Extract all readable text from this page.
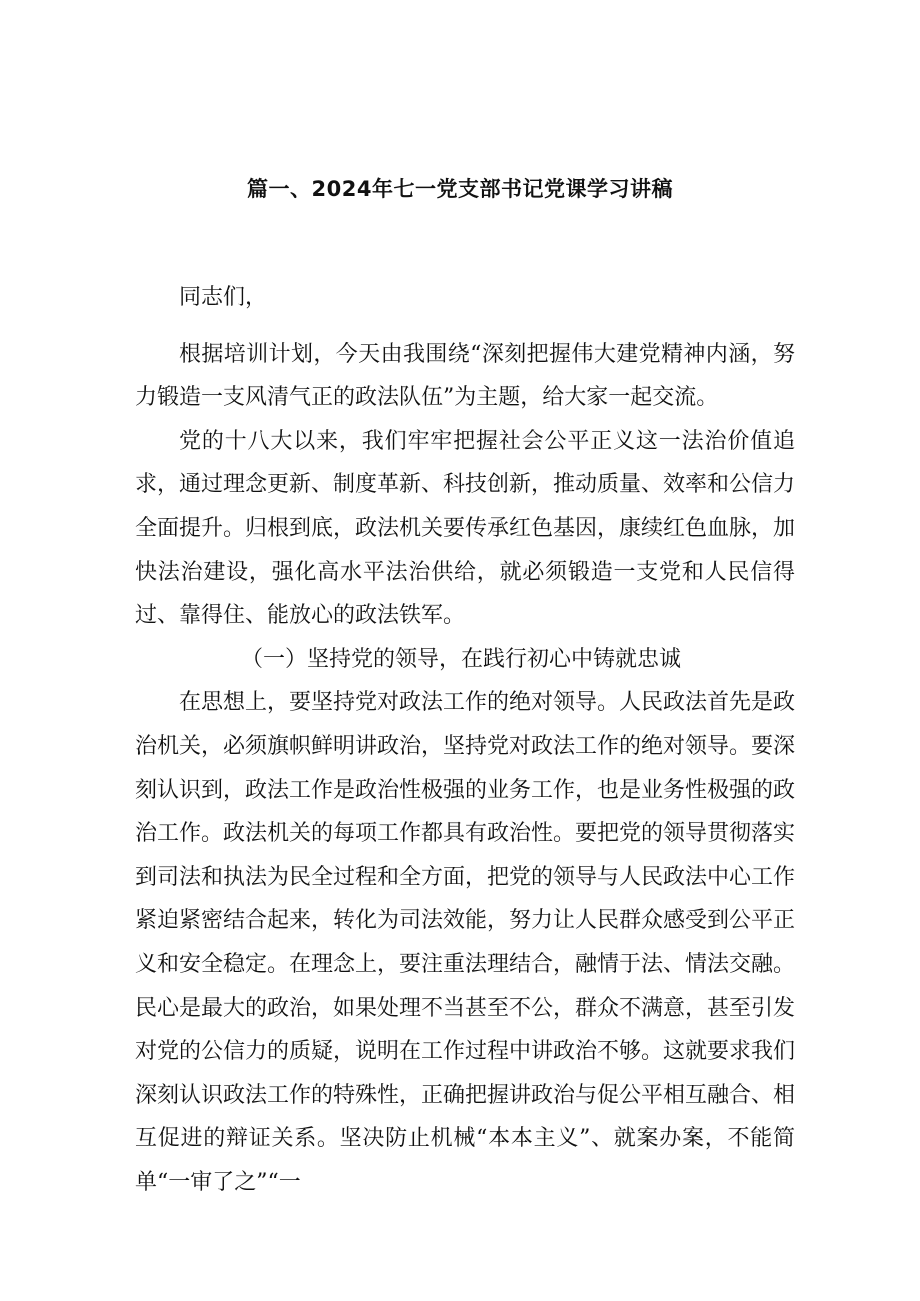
篇一、2024年七一党支部书记党课学习讲稿

同志们，

根据培训计划，今天由我围绕“深刻把握伟大建党精神内涵，努力锻造一支风清气正的政法队伍”为主题，给大家一起交流。

党的十八大以来，我们牢牢把握社会公平正义这一法治价值追求，通过理念更新、制度革新、科技创新，推动质量、效率和公信力全面提升。归根到底，政法机关要传承红色基因，康续红色血脉，加快法治建设，强化高水平法治供给，就必须锻造一支党和人民信得过、靠得住、能放心的政法铁军。

（一）坚持党的领导，在践行初心中铸就忠诚

在思想上，要坚持党对政法工作的绝对领导。人民政法首先是政治机关，必须旗帜鲜明讲政治，坚持党对政法工作的绝对领导。要深刻认识到，政法工作是政治性极强的业务工作，也是业务性极强的政治工作。政法机关的每项工作都具有政治性。要把党的领导贯彻落实到司法和执法为民全过程和全方面，把党的领导与人民政法中心工作紧迫紧密结合起来，转化为司法效能，努力让人民群众感受到公平正义和安全稳定。在理念上，要注重法理结合，融情于法、情法交融。民心是最大的政治，如果处理不当甚至不公，群众不满意，甚至引发对党的公信力的质疑，说明在工作过程中讲政治不够。这就要求我们深刻认识政法工作的特殊性，正确把握讲政治与促公平相互融合、相互促进的辩证关系。坚决防止机械“本本主义”、就案办案，不能简单“一审了之”“一
